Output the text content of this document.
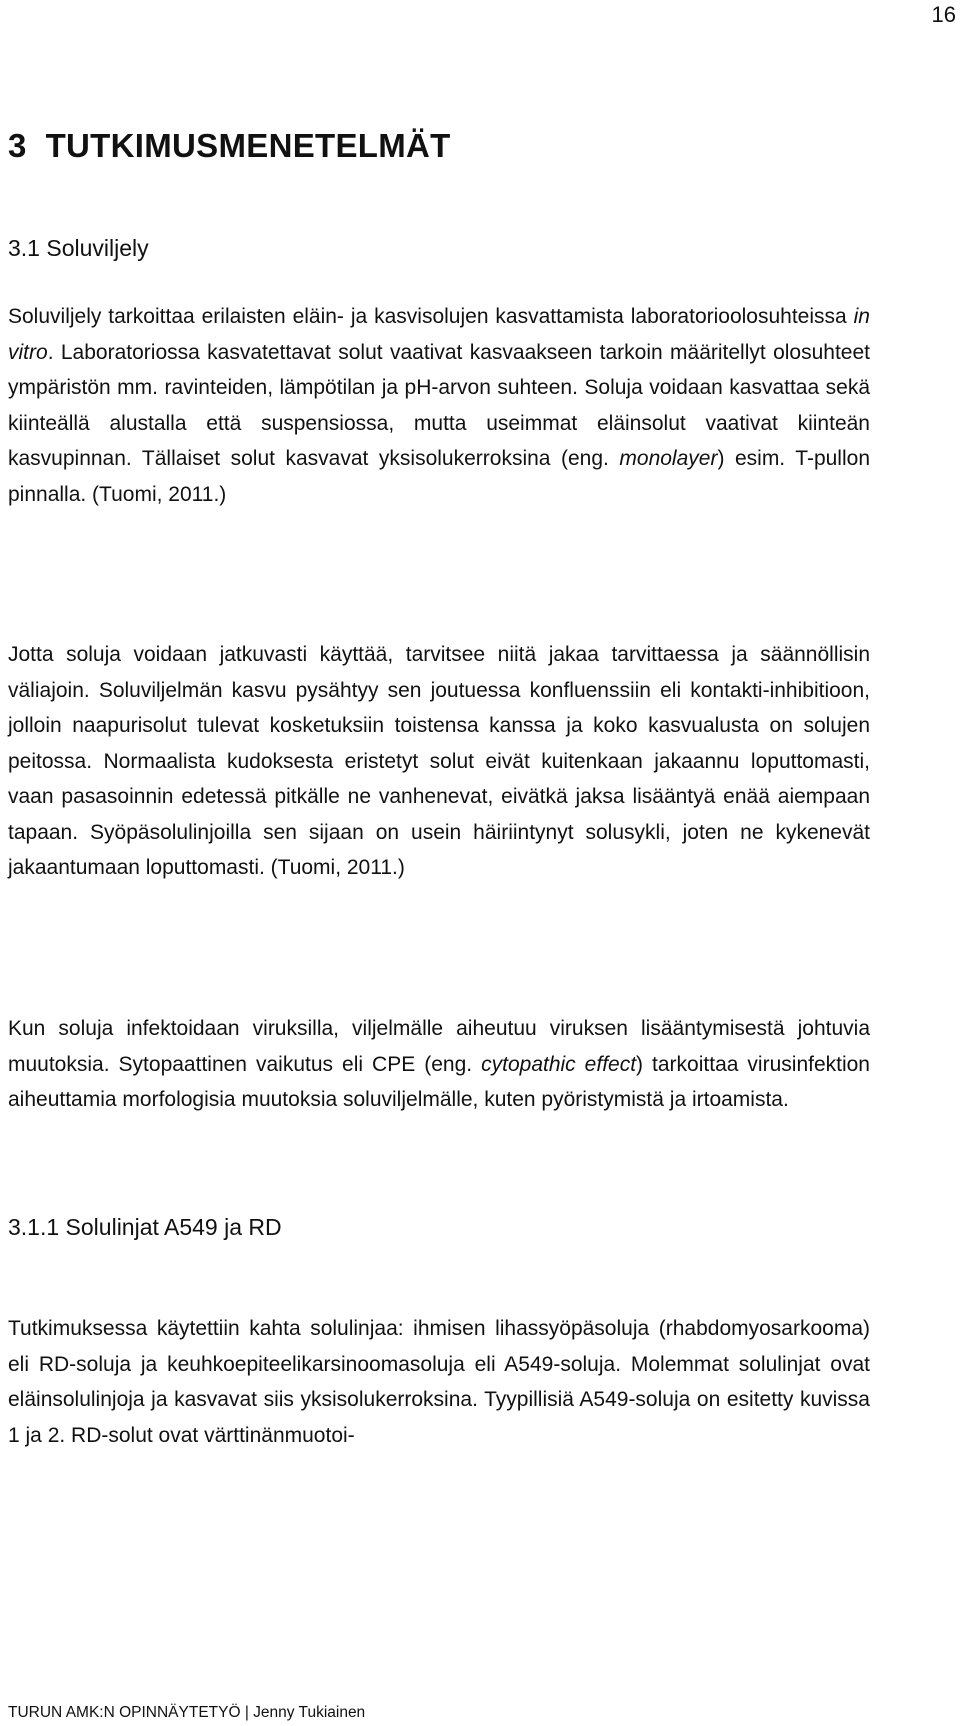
16
3 TUTKIMUSMENETELMÄT
3.1 Soluviljely

Soluviljely tarkoittaa erilaisten eläin- ja kasvisolujen kasvattamista laboratorioolosuhteissa in vitro. Laboratoriossa kasvatettavat solut vaativat kasvaakseen tarkoin määritellyt olosuhteet ympäristön mm. ravinteiden, lämpötilan ja pH-arvon suhteen. Soluja voidaan kasvattaa sekä kiinteällä alustalla että suspensiossa, mutta useimmat eläinsolut vaativat kiinteän kasvupinnan. Tällaiset solut kasvavat yksisolukerroksina (eng. monolayer) esim. T-pullon pinnalla. (Tuomi, 2011.)

Jotta soluja voidaan jatkuvasti käyttää, tarvitsee niitä jakaa tarvittaessa ja säännöllisin väliajoin. Soluviljelmän kasvu pysähtyy sen joutuessa konfluenssiin eli kontakti-inhibitioon, jolloin naapurisolut tulevat kosketuksiin toistensa kanssa ja koko kasvualusta on solujen peitossa. Normaalista kudoksesta eristetyt solut eivät kuitenkaan jakaannu loputtomasti, vaan pasasoinnin edetessä pitkälle ne vanhenevat, eivätkä jaksa lisääntyä enää aiempaan tapaan. Syöpäsolulinjoilla sen sijaan on usein häiriintynyt solusykli, joten ne kykenevät jakaantumaan loputtomasti. (Tuomi, 2011.)

Kun soluja infektoidaan viruksilla, viljelmälle aiheutuu viruksen lisääntymisestä johtuvia muutoksia. Sytopaattinen vaikutus eli CPE (eng. cytopathic effect) tarkoittaa virusinfektion aiheuttamia morfologisia muutoksia soluviljelmälle, kuten pyöristymistä ja irtoamista.

3.1.1 Solulinjat A549 ja RD

Tutkimuksessa käytettiin kahta solulinjaa: ihmisen lihassyöpäsoluja (rhabdomyosarkooma) eli RD-soluja ja keuhkoepiteelikarsinoomasoluja eli A549-soluja. Molemmat solulinjat ovat eläinsolulinjoja ja kasvavat siis yksisolukerroksina. Tyypillisiä A549-soluja on esitetty kuvissa 1 ja 2. RD-solut ovat värttinänmuotoi-

TURUN AMK:N OPINNÄYTETYÖ | Jenny Tukiainen
